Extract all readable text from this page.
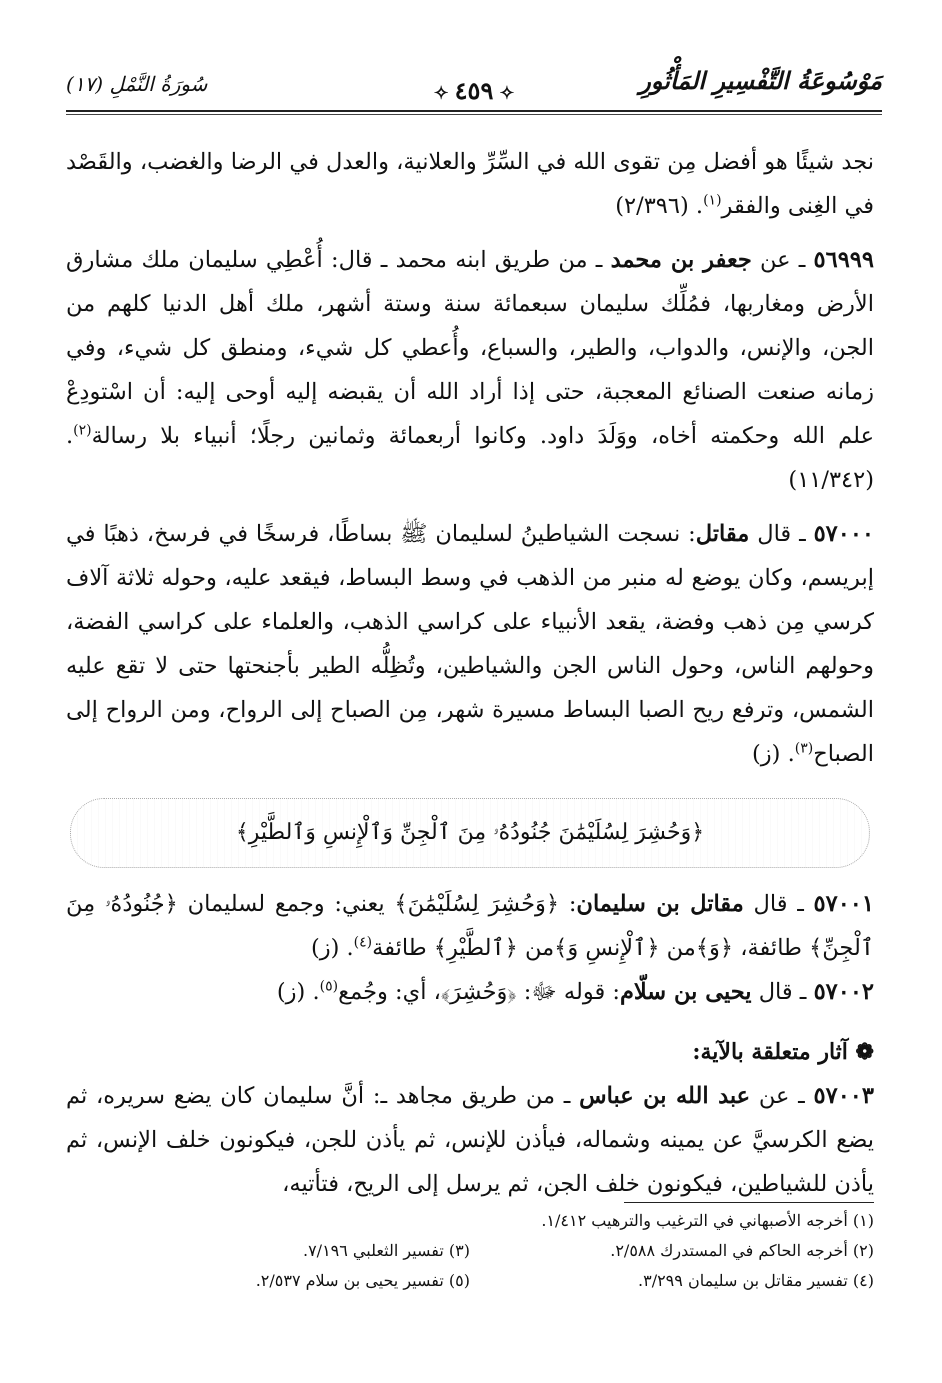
مَوْسُوعَةُ التَّفْسِيرِ المَأْثُورِ
✧٤٥٩✧
سُورَةُ النَّمْلِ (١٧)

نجد شيئًا هو أفضل مِن تقوى الله في السِّرِّ والعلانية، والعدل في الرضا والغضب، والقَصْد في الغِنى والفقر$^{(١)}$. (٢/٣٩٦)

٥٦٩٩٩ ـ عن جعفر بن محمد ـ من طريق ابنه محمد ـ قال: أُعْطِي سليمان ملك مشارق الأرض ومغاربها، فمُلِّك سليمان سبعمائة سنة وستة أشهر، ملك أهل الدنيا كلهم من الجن، والإنس، والدواب، والطير، والسباع، وأُعطي كل شيء، ومنطق كل شيء، وفي زمانه صنعت الصنائع المعجبة، حتى إذا أراد الله أن يقبضه إليه أوحى إليه: أن اسْتودِعْ علم الله وحكمته أخاه، ووَلَدَ داود. وكانوا أربعمائة وثمانين رجلًا؛ أنبياء بلا رسالة$^{(٢)}$. (١١/٣٤٢)

٥٧٠٠٠ ـ قال مقاتل: نسجت الشياطينُ لسليمان ﷺ بساطًا، فرسخًا في فرسخ، ذهبًا في إبريسم، وكان يوضع له منبر من الذهب في وسط البساط، فيقعد عليه، وحوله ثلاثة آلاف كرسي مِن ذهب وفضة، يقعد الأنبياء على كراسي الذهب، والعلماء على كراسي الفضة، وحولهم الناس، وحول الناس الجن والشياطين، وتُظِلُّه الطير بأجنحتها حتى لا تقع عليه الشمس، وترفع ريح الصبا البساط مسيرة شهر، مِن الصباح إلى الرواح، ومن الرواح إلى الصباح$^{(٣)}$. (ز)

﴿وَحُشِرَ لِسُلَيْمَٰنَ جُنُودُهُۥ مِنَ ٱلْجِنِّ وَٱلْإِنسِ وَٱلطَّيْرِ﴾

٥٧٠٠١ ـ قال مقاتل بن سليمان: ﴿وَحُشِرَ لِسُلَيْمَٰنَ﴾ يعني: وجمع لسليمان ﴿جُنُودُهُۥ مِنَ ٱلْجِنِّ﴾ طائفة، ﴿وَ﴾من ﴿ٱلْإِنسِ وَ﴾من ﴿ٱلطَّيْرِ﴾ طائفة$^{(٤)}$. (ز)

٥٧٠٠٢ ـ قال يحيى بن سلّام: قوله ﷻ: ﴿وَحُشِرَ﴾، أي: وجُمع$^{(٥)}$. (ز)

❁ آثار متعلقة بالآية:

٥٧٠٠٣ ـ عن عبد الله بن عباس ـ من طريق مجاهد ـ: أنَّ سليمان كان يضع سريره، ثم يضع الكرسيَّ عن يمينه وشماله، فيأذن للإنس، ثم يأذن للجن، فيكونون خلف الإنس، ثم يأذن للشياطين، فيكونون خلف الجن، ثم يرسل إلى الريح، فتأتيه،

(١) أخرجه الأصبهاني في الترغيب والترهيب ١/٤١٢.
(٢) أخرجه الحاكم في المستدرك ٢/٥٨٨.
(٣) تفسير الثعلبي ٧/١٩٦.
(٤) تفسير مقاتل بن سليمان ٣/٢٩٩.
(٥) تفسير يحيى بن سلام ٢/٥٣٧.
